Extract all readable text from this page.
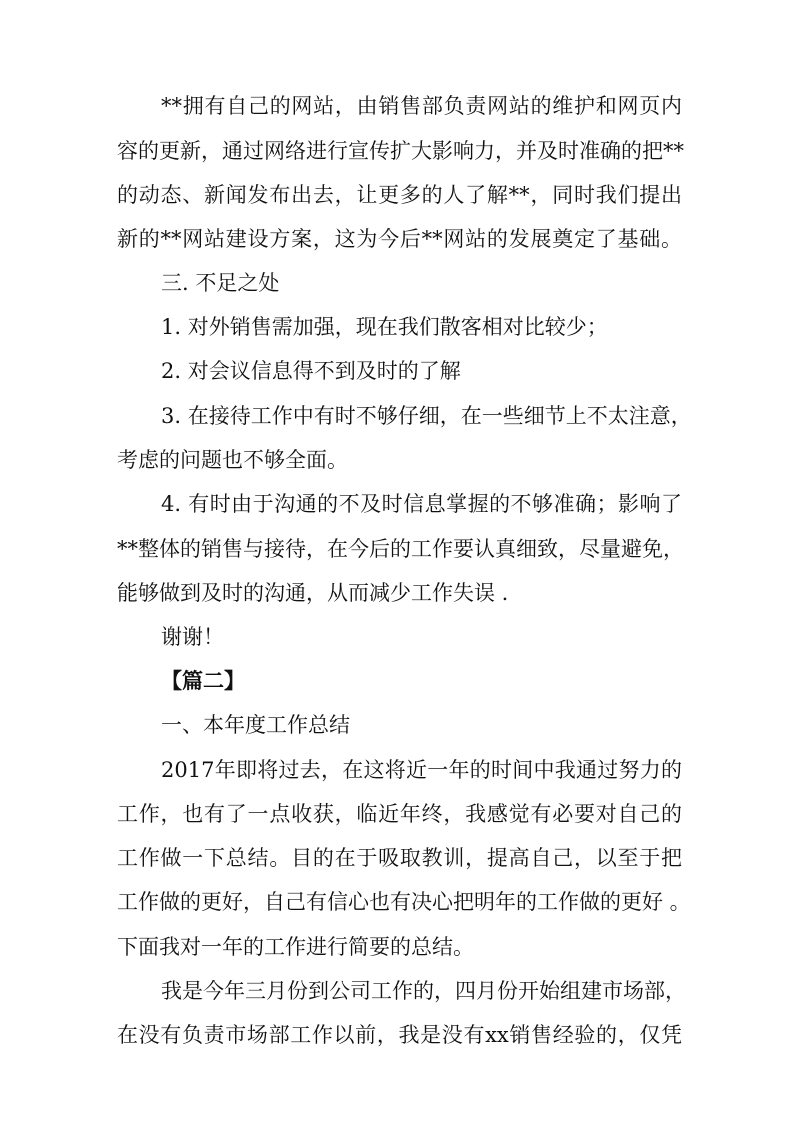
**拥有自己的网站，由销售部负责网站的维护和网页内
容的更新，通过网络进行宣传扩大影响力，并及时准确的把**
的动态、新闻发布出去，让更多的人了解**，同时我们提出
新的**网站建设方案，这为今后**网站的发展奠定了基础。
三. 不足之处
1. 对外销售需加强，现在我们散客相对比较少；
2. 对会议信息得不到及时的了解
3. 在接待工作中有时不够仔细，在一些细节上不太注意，
考虑的问题也不够全面。
4. 有时由于沟通的不及时信息掌握的不够准确；影响了
**整体的销售与接待，在今后的工作要认真细致，尽量避免，
能够做到及时的沟通，从而减少工作失误 .
谢谢！
【篇二】
一、本年度工作总结
2017年即将过去，在这将近一年的时间中我通过努力的
工作，也有了一点收获，临近年终，我感觉有必要对自己的
工作做一下总结。目的在于吸取教训，提高自己，以至于把
工作做的更好，自己有信心也有决心把明年的工作做的更好 。
下面我对一年的工作进行简要的总结。
我是今年三月份到公司工作的，四月份开始组建市场部，
在没有负责市场部工作以前，我是没有xx销售经验的，仅凭
